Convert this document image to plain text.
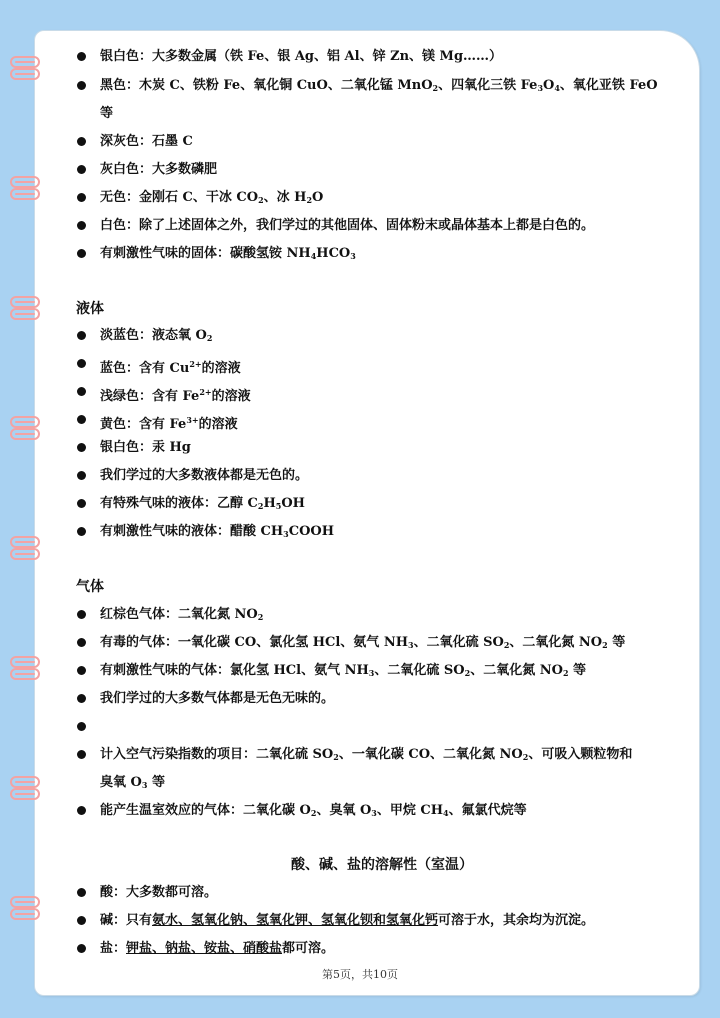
银白色：大多数金属（铁 Fe、银 Ag、铝 Al、锌 Zn、镁 Mg……）
黑色：木炭 C、铁粉 Fe、氧化铜 CuO、二氧化锰 MnO$_2$、四氧化三铁 $Fe_3O_4$、氧化亚铁 FeO
等
深灰色：石墨 C
灰白色：大多数磷肥
无色：金刚石 C、干冰 $CO_2$、冰 $H_2O$
白色：除了上述固体之外，我们学过的其他固体、固体粉末或晶体基本上都是白色的。
有刺激性气味的固体：碳酸氢铵 $NH_4HCO_3$
液体
淡蓝色：液态氧 $O_2$
蓝色：含有 $Cu^{2+}$的溶液
浅绿色：含有 $Fe^{2+}$的溶液
黄色：含有 $Fe^{3+}$的溶液
银白色：汞 Hg
我们学过的大多数液体都是无色的。
有特殊气味的液体：乙醇 $C_2H_5OH$
有刺激性气味的液体：醋酸 $CH_3COOH$
气体
红棕色气体：二氧化氮 $NO_2$
有毒的气体：一氧化碳 CO、氯化氢 HCl、氨气 $NH_3$、二氧化硫 $SO_2$、二氧化氮 $NO_2$ 等
有刺激性气味的气体：氯化氢 HCl、氨气 $NH_3$、二氧化硫 $SO_2$、二氧化氮 $NO_2$ 等
我们学过的大多数气体都是无色无味的。
计入空气污染指数的项目：二氧化硫 $SO_2$、一氧化碳 CO、二氧化氮 $NO_2$、可吸入颗粒物和
臭氧 $O_3$ 等
能产生温室效应的气体：二氧化碳 $O_2$、臭氧 $O_3$、甲烷 $CH_4$、氟氯代烷等
酸、碱、盐的溶解性（室温）
酸：大多数都可溶。
碱：只有氨水、氢氧化钠、氢氧化钾、氢氧化钡和氢氧化钙可溶于水，其余均为沉淀。
盐：钾盐、钠盐、铵盐、硝酸盐都可溶。
第5页，共10页
